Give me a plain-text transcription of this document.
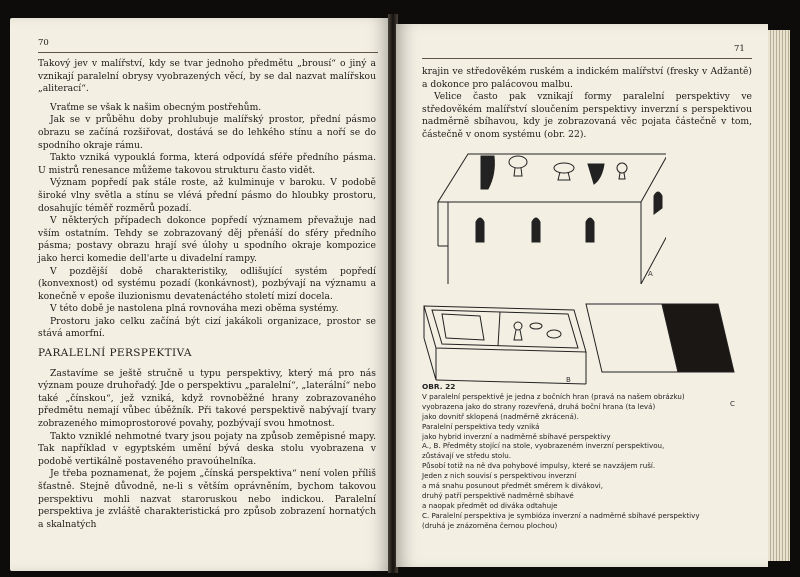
70

Takový jev v malířství, kdy se tvar jednoho předmětu „brousí“ o jiný a vznikají paralelní obrysy vyobrazených věcí, by se dal nazvat malířskou „aliterací“.

Vraťme se však k našim obecným postřehům.

Jak se v průběhu doby prohlubuje malířský prostor, přední pásmo obrazu se začíná rozšiřovat, dostává se do lehkého stínu a noří se do spodního okraje rámu.

Takto vzniká vypouklá forma, která odpovídá sféře předního pásma. U mistrů renesance můžeme takovou strukturu často vidět.

Význam popředí pak stále roste, až kulminuje v baroku. V podobě široké vlny světla a stínu se vlévá přední pásmo do hloubky prostoru, dosahujíc téměř rozměrů pozadí.

V některých případech dokonce popředí významem převažuje nad vším ostatním. Tehdy se zobrazovaný děj přenáší do sféry předního pásma; postavy obrazu hrají své úlohy u spodního okraje kompozice jako herci komedie dell'arte u divadelní rampy.

V pozdější době charakteristiky, odlišující systém popředí (konvexnost) od systému pozadí (konkávnost), pozbývají na významu a konečně v epoše iluzionismu devatenáctého století mizí docela.

V této době je nastolena plná rovnováha mezi oběma systémy.

Prostoru jako celku začíná být cizí jakákoli organizace, prostor se stává amorfní.

PARALELNÍ PERSPEKTIVA

Zastavíme se ještě stručně u typu perspektivy, který má pro nás význam pouze druhořadý. Jde o perspektivu „paralelní“, „laterální“ nebo také „čínskou“, jež vzniká, když rovnoběžné hrany zobrazovaného předmětu nemají vůbec úběžník. Při takové perspektivě nabývají tvary zobrazeného mimoprostorové povahy, pozbývají svou hmotnost.

Takto vzniklé nehmotné tvary jsou pojaty na způsob zeměpisné mapy. Tak například v egyptském umění bývá deska stolu vyobrazena v podobě vertikálně postaveného pravoúhelníka.

Je třeba poznamenat, že pojem „čínská perspektiva“ není volen příliš šťastně. Stejně důvodně, ne-li s větším oprávněním, bychom takovou perspektivu mohli nazvat staroruskou nebo indickou. Paralelní perspektiva je zvláště charakteristická pro způsob zobrazení hornatých a skalnatých

71

krajin ve středověkém ruském a indickém malířství (fresky v Adžantě) a dokonce pro palácovou malbu.

Velice často pak vznikají formy paralelní perspektivy ve středověkém malířství sloučením perspektivy inverzní s perspektivou nadměrně sbíhavou, kdy je zobrazovaná věc pojata částečně v tom, částečně v onom systému (obr. 22).

A
B
C
OBR. 22
V paralelní perspektivě je jedna z bočních hran (pravá na našem obrázku)
vyobrazena jako do strany rozevřená, druhá boční hrana (ta levá)
jako dovnitř sklopená (nadměrně zkrácená).
Paralelní perspektiva tedy vzniká
jako hybrid inverzní a nadměrně sbíhavé perspektivy
A., B. Předměty stojící na stole, vyobrazeném inverzní perspektivou,
zůstávají ve středu stolu.
Působí totiž na ně dva pohybové impulsy, které se navzájem ruší.
Jeden z nich souvisí s perspektivou inverzní
a má snahu posunout předmět směrem k divákovi,
druhý patří perspektivě nadměrně sbíhavé
a naopak předmět od diváka odtahuje
C. Paralelní perspektiva je symbióza inverzní a nadměrně sbíhavé perspektivy
(druhá je znázorněna černou plochou)
